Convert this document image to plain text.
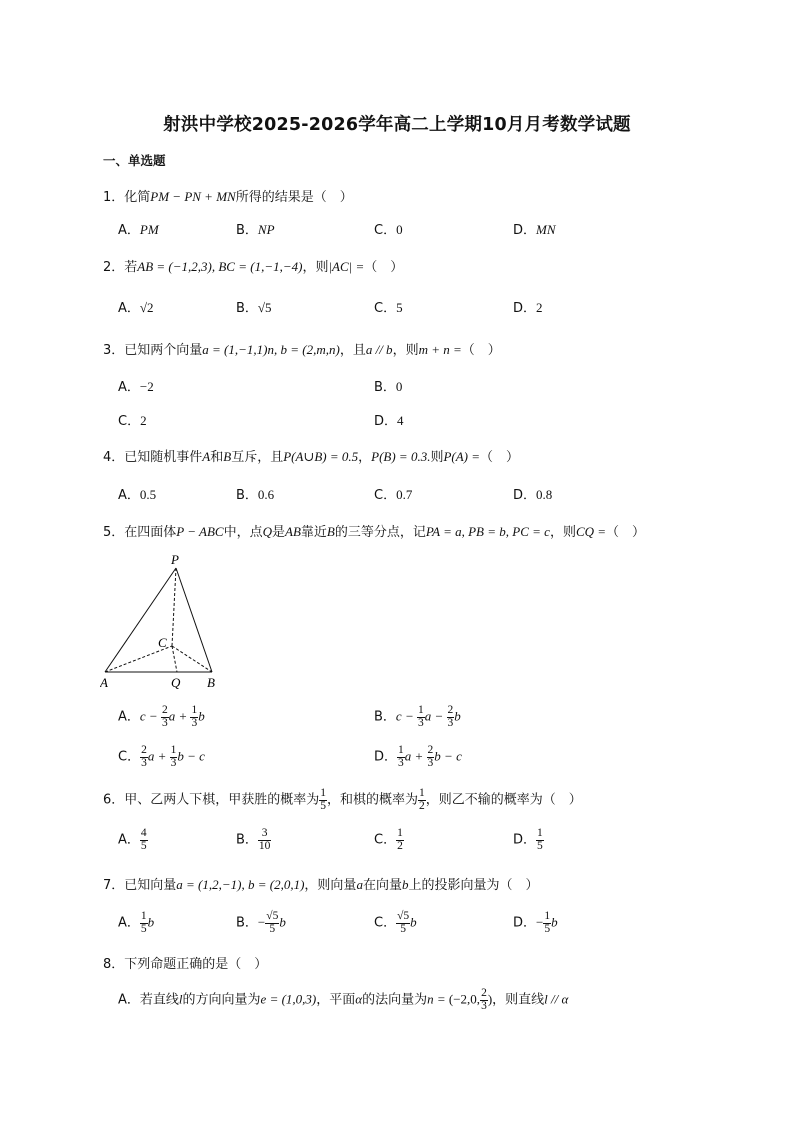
射洪中学校2025-2026学年高二上学期10月月考数学试题
一、单选题
1．化简PM − PN + MN所得的结果是（　）
A．PM	B．NP	C．0	D．MN
2．若AB = (−1,2,3), BC = (1,−1,−4)，则|AC| =（　）
A．√2	B．√5	C．5	D．2
3．已知两个向量a = (1,−1,1)n, b = (2,m,n)，且a // b，则m + n =（　）
A．−2	B．0
C．2	D．4
4．已知随机事件A和B互斥，且P(A∪B) = 0.5，P(B) = 0.3.则P(A) =（　）
A．0.5	B．0.6	C．0.7	D．0.8
5．在四面体P − ABC中，点Q是AB靠近B的三等分点，记PA = a, PB = b, PC = c，则CQ =（　）
P
C
A	Q B
A．$c - \frac{2}{3}$ $a + \frac{1}{3}$ b	B．$c - \frac{1}{3}$ $a - \frac{2}{3}$ b
C． $\frac{2}{3}$ $a + \frac{1}{3}$ b − c	D． $\frac{1}{3}$ $a + \frac{2}{3}$ b − c
6．甲、乙两人下棋，甲获胜的概率为 $\frac{1}{5}$ ，和棋的概率为 $\frac{1}{2}$ ，则乙不输的概率为（　）
A． $\frac{4}{5}$	B． $\frac{3}{10}$	C． $\frac{1}{2}$	D． $\frac{1}{5}$
7．已知向量a = (1,2,−1), b = (2,0,1)，则向量a在向量b上的投影向量为（　）
A． $\frac{1}{5}$ b	B．− $\frac{√5}{5}$ b	C． $\frac{√5}{5}$ b	D．− $\frac{1}{5}$ b
8．下列命题正确的是（　）
A．若直线l的方向向量为e = (1,0,3)，平面α的法向量为n = (−2,0, $\frac{2}{3}$ )，则直线l // α
